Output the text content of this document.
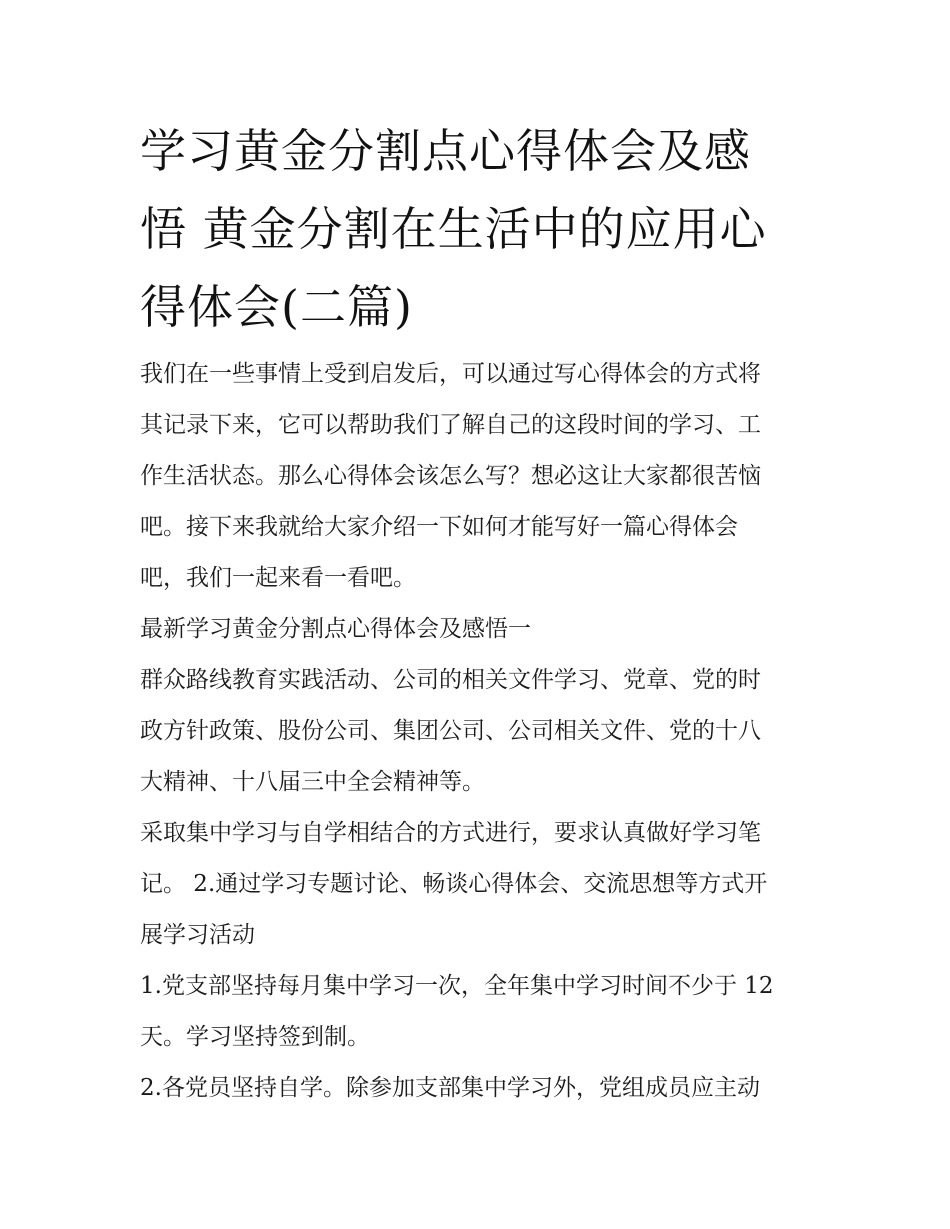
学习黄金分割点心得体会及感
悟 黄金分割在生活中的应用心
得体会(二篇)
我们在一些事情上受到启发后，可以通过写心得体会的方式将
其记录下来，它可以帮助我们了解自己的这段时间的学习、工
作生活状态。那么心得体会该怎么写？想必这让大家都很苦恼
吧。接下来我就给大家介绍一下如何才能写好一篇心得体会
吧，我们一起来看一看吧。
最新学习黄金分割点心得体会及感悟一
群众路线教育实践活动、公司的相关文件学习、党章、党的时
政方针政策、股份公司、集团公司、公司相关文件、党的十八
大精神、十八届三中全会精神等。
采取集中学习与自学相结合的方式进行，要求认真做好学习笔
记。 2.通过学习专题讨论、畅谈心得体会、交流思想等方式开
展学习活动
1.党支部坚持每月集中学习一次，全年集中学习时间不少于 12
天。学习坚持签到制。
2.各党员坚持自学。除参加支部集中学习外，党组成员应主动
